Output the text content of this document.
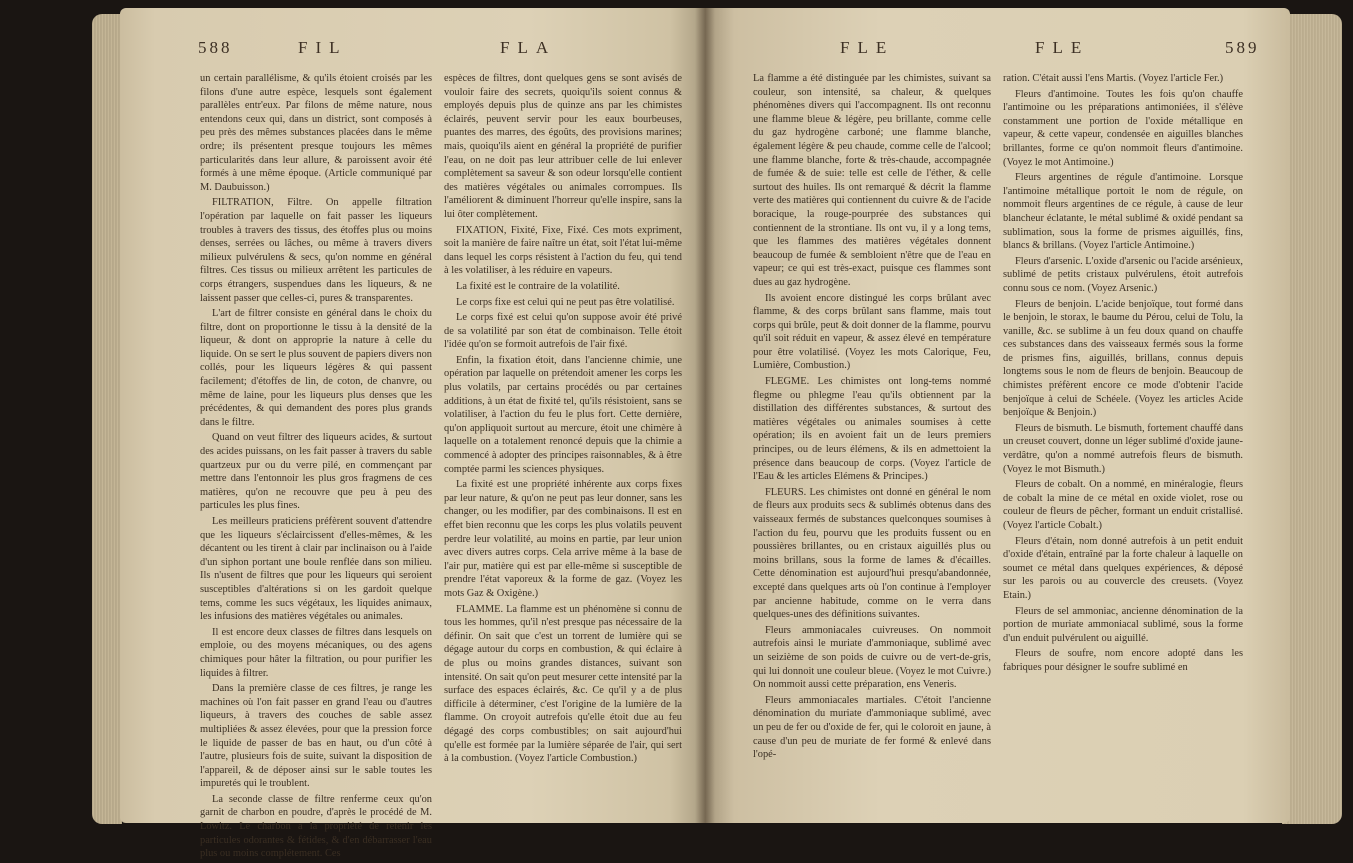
588	FIL	FLA

un certain parallélisme, & qu'ils étoient croisés par les filons d'une autre espèce, lesquels sont également parallèles entr'eux. Par filons de même nature, nous entendons ceux qui, dans un district, sont composés à peu près des mêmes substances placées dans le même ordre; ils présentent presque toujours les mêmes particularités dans leur allure, & paroissent avoir été formés à une même époque. (Article communiqué par M. Daubuisson.)

FILTRATION, Filtre. On appelle filtration l'opération par laquelle on fait passer les liqueurs troubles à travers des tissus, des étoffes plus ou moins denses, serrées ou lâches, ou même à travers divers milieux pulvérulens & secs, qu'on nomme en général filtres. Ces tissus ou milieux arrêtent les particules de corps étrangers, suspendues dans les liqueurs, & ne laissent passer que celles-ci, pures & transparentes.

L'art de filtrer consiste en général dans le choix du filtre, dont on proportionne le tissu à la densité de la liqueur, & dont on approprie la nature à celle du liquide. On se sert le plus souvent de papiers divers non collés, pour les liqueurs légères & qui passent facilement; d'étoffes de lin, de coton, de chanvre, ou même de laine, pour les liqueurs plus denses que les précédentes, & qui demandent des pores plus grands dans le filtre.

Quand on veut filtrer des liqueurs acides, & surtout des acides puissans, on les fait passer à travers du sable quartzeux pur ou du verre pilé, en commençant par mettre dans l'entonnoir les plus gros fragmens de ces matières, qu'on ne recouvre que peu à peu des particules les plus fines.

Les meilleurs praticiens préfèrent souvent d'attendre que les liqueurs s'éclaircissent d'elles-mêmes, & les décantent ou les tirent à clair par inclinaison ou à l'aide d'un siphon portant une boule renflée dans son milieu. Ils n'usent de filtres que pour les liqueurs qui seroient susceptibles d'altérations si on les gardoit quelque tems, comme les sucs végétaux, les liquides animaux, les infusions des matières végétales ou animales.

Il est encore deux classes de filtres dans lesquels on emploie, ou des moyens mécaniques, ou des agens chimiques pour hâter la filtration, ou pour purifier les liquides à filtrer.

Dans la première classe de ces filtres, je range les machines où l'on fait passer en grand l'eau ou d'autres liqueurs, à travers des couches de sable assez multipliées & assez élevées, pour que la pression force le liquide de passer de bas en haut, ou d'un côté à l'autre, plusieurs fois de suite, suivant la disposition de l'appareil, & de déposer ainsi sur le sable toutes les impuretés qui le troublent.

La seconde classe de filtre renferme ceux qu'on garnit de charbon en poudre, d'après le procédé de M. Lowitz. Le charbon a la propriété de retenir les particules odorantes & fétides, & d'en débarrasser l'eau plus ou moins complétement. Ces

espèces de filtres, dont quelques gens se sont avisés de vouloir faire des secrets, quoiqu'ils soient connus & employés depuis plus de quinze ans par les chimistes éclairés, peuvent servir pour les eaux bourbeuses, puantes des marres, des égoûts, des provisions marines; mais, quoiqu'ils aient en général la propriété de purifier l'eau, on ne doit pas leur attribuer celle de lui enlever complètement sa saveur & son odeur lorsqu'elle contient des matières végétales ou animales corrompues. Ils l'améliorent & diminuent l'horreur qu'elle inspire, sans la lui ôter complètement.

FIXATION, Fixité, Fixe, Fixé. Ces mots expriment, soit la manière de faire naître un état, soit l'état lui-même dans lequel les corps résistent à l'action du feu, qui tend à les volatiliser, à les réduire en vapeurs.

La fixité est le contraire de la volatilité.

Le corps fixe est celui qui ne peut pas être volatilisé.

Le corps fixé est celui qu'on suppose avoir été privé de sa volatilité par son état de combinaison. Telle étoit l'idée qu'on se formoit autrefois de l'air fixé.

Enfin, la fixation étoit, dans l'ancienne chimie, une opération par laquelle on prétendoit amener les corps les plus volatils, par certains procédés ou par certaines additions, à un état de fixité tel, qu'ils résistoient, sans se volatiliser, à l'action du feu le plus fort. Cette dernière, qu'on appliquoit surtout au mercure, étoit une chimère à laquelle on a totalement renoncé depuis que la chimie a commencé à adopter des principes raisonnables, & à être comptée parmi les sciences physiques.

La fixité est une propriété inhérente aux corps fixes par leur nature, & qu'on ne peut pas leur donner, sans les changer, ou les modifier, par des combinaisons. Il est en effet bien reconnu que les corps les plus volatils peuvent perdre leur volatilité, au moins en partie, par leur union avec divers autres corps. Cela arrive même à la base de l'air pur, matière qui est par elle-même si susceptible de prendre l'état vaporeux & la forme de gaz. (Voyez les mots Gaz & Oxigène.)

FLAMME. La flamme est un phénomène si connu de tous les hommes, qu'il n'est presque pas nécessaire de la définir. On sait que c'est un torrent de lumière qui se dégage autour du corps en combustion, & qui éclaire à de plus ou moins grandes distances, suivant son intensité. On sait qu'on peut mesurer cette intensité par la surface des espaces éclairés, &c. Ce qu'il y a de plus difficile à déterminer, c'est l'origine de la lumière de la flamme. On croyoit autrefois qu'elle étoit due au feu dégagé des corps combustibles; on sait aujourd'hui qu'elle est formée par la lumière séparée de l'air, qui sert à la combustion. (Voyez l'article Combustion.)

FLE	FLE	589

La flamme a été distinguée par les chimistes, suivant sa couleur, son intensité, sa chaleur, & quelques phénomènes divers qui l'accompagnent. Ils ont reconnu une flamme bleue & légère, peu brillante, comme celle du gaz hydrogène carboné; une flamme blanche, également légère & peu chaude, comme celle de l'alcool; une flamme blanche, forte & très-chaude, accompagnée de fumée & de suie: telle est celle de l'éther, & celle surtout des huiles. Ils ont remarqué & décrit la flamme verte des matières qui contiennent du cuivre & de l'acide boracique, la rouge-pourprée des substances qui contiennent de la strontiane. Ils ont vu, il y a long tems, que les flammes des matières végétales donnent beaucoup de fumée & sembloient n'être que de l'eau en vapeur; ce qui est très-exact, puisque ces flammes sont dues au gaz hydrogène.

Ils avoient encore distingué les corps brûlant avec flamme, & des corps brûlant sans flamme, mais tout corps qui brûle, peut & doit donner de la flamme, pourvu qu'il soit réduit en vapeur, & assez élevé en température pour être volatilisé. (Voyez les mots Calorique, Feu, Lumière, Combustion.)

FLEGME. Les chimistes ont long-tems nommé flegme ou phlegme l'eau qu'ils obtiennent par la distillation des différentes substances, & surtout des matières végétales ou animales soumises à cette opération; ils en avoient fait un de leurs premiers principes, ou de leurs élémens, & ils en admettoient la présence dans beaucoup de corps. (Voyez l'article de l'Eau & les articles Elémens & Principes.)

FLEURS. Les chimistes ont donné en général le nom de fleurs aux produits secs & sublimés obtenus dans des vaisseaux fermés de substances quelconques soumises à l'action du feu, pourvu que les produits fussent ou en poussières brillantes, ou en cristaux aiguillés plus ou moins brillans, sous la forme de lames & d'écailles. Cette dénomination est aujourd'hui presqu'abandonnée, excepté dans quelques arts où l'on continue à l'employer par ancienne habitude, comme on le verra dans quelques-unes des définitions suivantes.

Fleurs ammoniacales cuivreuses. On nommoit autrefois ainsi le muriate d'ammoniaque, sublimé avec un seizième de son poids de cuivre ou de vert-de-gris, qui lui donnoit une couleur bleue. (Voyez le mot Cuivre.) On nommoit aussi cette préparation, ens Veneris.

Fleurs ammoniacales martiales. C'étoit l'ancienne dénomination du muriate d'ammoniaque sublimé, avec un peu de fer ou d'oxide de fer, qui le coloroit en jaune, à cause d'un peu de muriate de fer formé & enlevé dans l'opé-

ration. C'était aussi l'ens Martis. (Voyez l'article Fer.)

Fleurs d'antimoine. Toutes les fois qu'on chauffe l'antimoine ou les préparations antimoniées, il s'élève constamment une portion de l'oxide métallique en vapeur, & cette vapeur, condensée en aiguilles blanches brillantes, forme ce qu'on nommoit fleurs d'antimoine. (Voyez le mot Antimoine.)

Fleurs argentines de régule d'antimoine. Lorsque l'antimoine métallique portoit le nom de régule, on nommoit fleurs argentines de ce régule, à cause de leur blancheur éclatante, le métal sublimé & oxidé pendant sa sublimation, sous la forme de prismes aiguillés, fins, blancs & brillans. (Voyez l'article Antimoine.)

Fleurs d'arsenic. L'oxide d'arsenic ou l'acide arsénieux, sublimé de petits cristaux pulvérulens, étoit autrefois connu sous ce nom. (Voyez Arsenic.)

Fleurs de benjoin. L'acide benjoïque, tout formé dans le benjoin, le storax, le baume du Pérou, celui de Tolu, la vanille, &c. se sublime à un feu doux quand on chauffe ces substances dans des vaisseaux fermés sous la forme de prismes fins, aiguillés, brillans, connus depuis longtems sous le nom de fleurs de benjoin. Beaucoup de chimistes préfèrent encore ce mode d'obtenir l'acide benjoïque à celui de Schéele. (Voyez les articles Acide benjoïque & Benjoin.)

Fleurs de bismuth. Le bismuth, fortement chauffé dans un creuset couvert, donne un léger sublimé d'oxide jaune-verdâtre, qu'on a nommé autrefois fleurs de bismuth. (Voyez le mot Bismuth.)

Fleurs de cobalt. On a nommé, en minéralogie, fleurs de cobalt la mine de ce métal en oxide violet, rose ou couleur de fleurs de pêcher, formant un enduit cristallisé. (Voyez l'article Cobalt.)

Fleurs d'étain, nom donné autrefois à un petit enduit d'oxide d'étain, entraîné par la forte chaleur à laquelle on soumet ce métal dans quelques expériences, & déposé sur les parois ou au couvercle des creusets. (Voyez Etain.)

Fleurs de sel ammoniac, ancienne dénomination de la portion de muriate ammoniacal sublimé, sous la forme d'un enduit pulvérulent ou aiguillé.

Fleurs de soufre, nom encore adopté dans les fabriques pour désigner le soufre sublimé en
